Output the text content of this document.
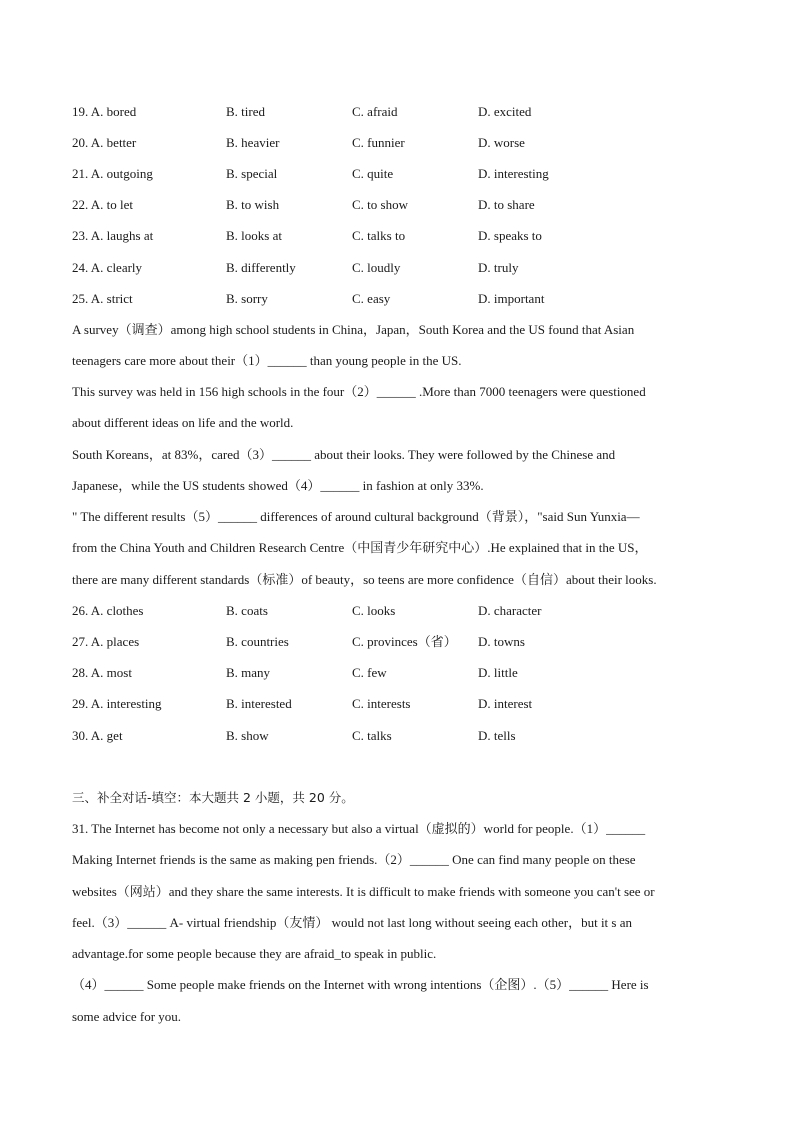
19. A. bored	B. tired	C. afraid	D. excited
20. A. better	B. heavier	C. funnier	D. worse
21. A. outgoing	B. special	C. quite	D. interesting
22. A. to let	B. to wish	C. to show	D. to share
23. A. laughs at	B. looks at	C. talks to	D. speaks to
24. A. clearly	B. differently	C. loudly	D. truly
25. A. strict	B. sorry	C. easy	D. important
A survey（调查）among high school students in China，Japan，South Korea and the US found that Asian
teenagers care more about their（1）______ than young people in the US.
This survey was held in 156 high schools in the four（2）______ .More than 7000 teenagers were questioned
about different ideas on life and the world.
South Koreans，at 83%，cared（3）______ about their looks. They were followed by the Chinese and
Japanese，while the US students showed（4）______ in fashion at only 33%.
" The different results（5）______ differences of around cultural background（背景），"said Sun Yunxia—
from the China Youth and Children Research Centre（中国青少年研究中心）.He explained that in the US，
there are many different standards（标准）of beauty，so teens are more confidence（自信）about their looks.
26. A. clothes	B. coats	C. looks	D. character
27. A. places	B. countries	C. provinces（省） D. towns
28. A. most	B. many	C. few	D. little
29. A. interesting	B. interested	C. interests	D. interest
30. A. get	B. show	C. talks	D. tells
三、补全对话-填空：本大题共 2 小题，共 20 分。
31. The Internet has become not only a necessary but also a virtual（虚拟的）world for people.（1）______
Making Internet friends is the same as making pen friends.（2）______ One can find many people on these
websites（网站）and they share the same interests. It is difficult to make friends with someone you can't see or
feel.（3）______ A- virtual friendship（友情） would not last long without seeing each other，but it s an
advantage.for some people because they are afraid_to speak in public.
（4）______ Some people make friends on the Internet with wrong intentions（企图）.（5）______ Here is
some advice for you.
